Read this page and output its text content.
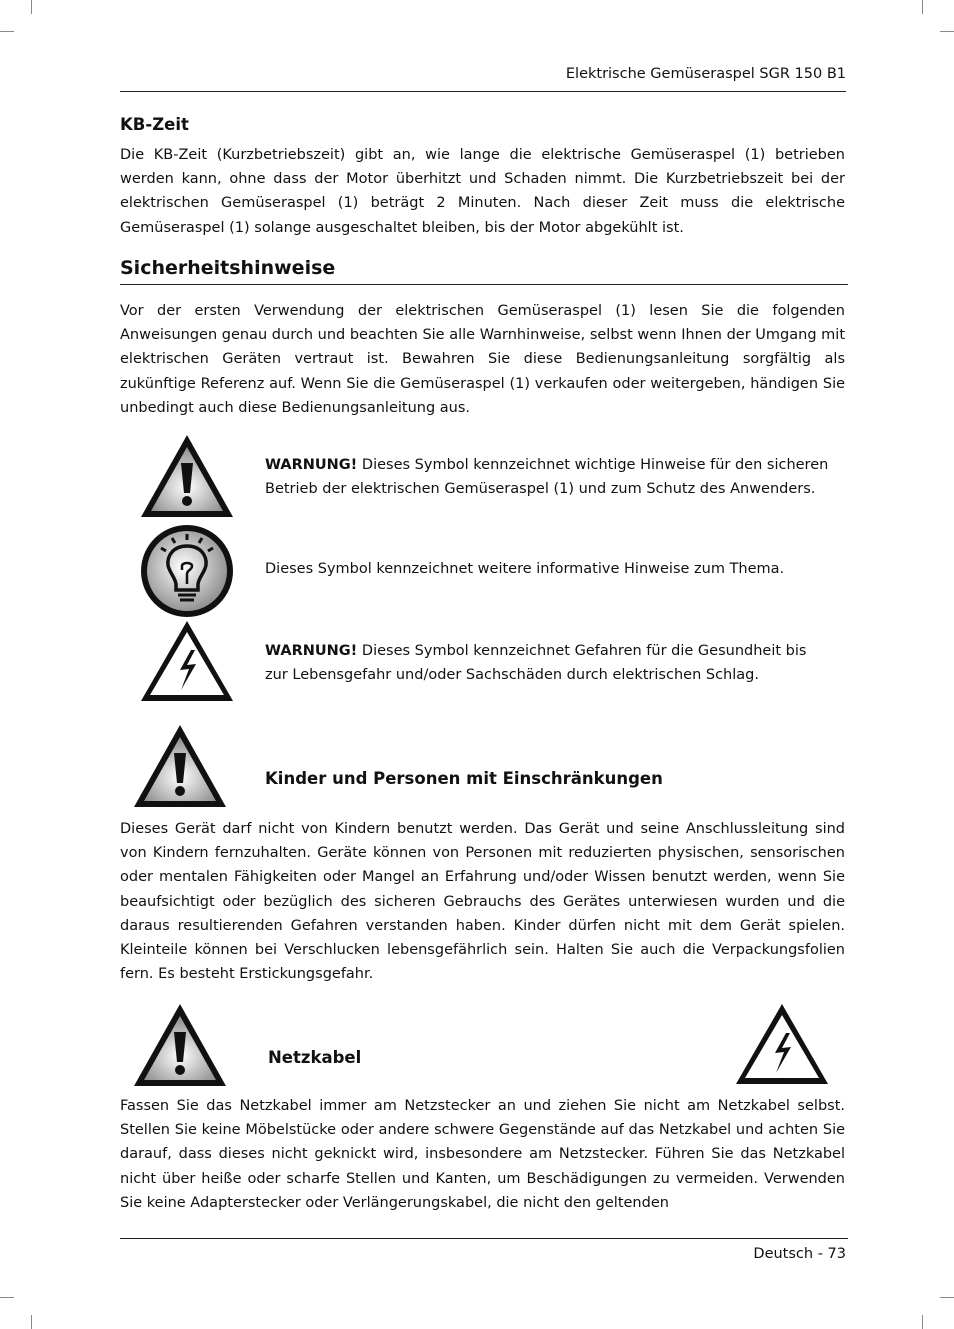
Elektrische Gemüseraspel SGR 150 B1
KB-Zeit

Die KB-Zeit (Kurzbetriebszeit) gibt an, wie lange die elektrische Gemüseraspel (1) betrieben werden kann, ohne dass der Motor überhitzt und Schaden nimmt. Die Kurzbetriebszeit bei der elektrischen Gemüseraspel (1) beträgt 2 Minuten. Nach dieser Zeit muss die elektrische Gemüseraspel (1) solange ausgeschaltet bleiben, bis der Motor abgekühlt ist.

Sicherheitshinweise

Vor der ersten Verwendung der elektrischen Gemüseraspel (1) lesen Sie die folgenden Anweisungen genau durch und beachten Sie alle Warnhinweise, selbst wenn Ihnen der Umgang mit elektrischen Geräten vertraut ist. Bewahren Sie diese Bedienungsanleitung sorgfältig als zukünftige Referenz auf. Wenn Sie die Gemüseraspel (1) verkaufen oder weitergeben, händigen Sie unbedingt auch diese Bedienungsanleitung aus.

WARNUNG! Dieses Symbol kennzeichnet wichtige Hinweise für den sicheren
Betrieb der elektrischen Gemüseraspel (1) und zum Schutz des Anwenders.

Dieses Symbol kennzeichnet weitere informative Hinweise zum Thema.

WARNUNG! Dieses Symbol kennzeichnet Gefahren für die Gesundheit bis
zur Lebensgefahr und/oder Sachschäden durch elektrischen Schlag.

Kinder und Personen mit Einschränkungen

Dieses Gerät darf nicht von Kindern benutzt werden. Das Gerät und seine Anschlussleitung sind von Kindern fernzuhalten. Geräte können von Personen mit reduzierten physischen, sensorischen oder mentalen Fähigkeiten oder Mangel an Erfahrung und/oder Wissen benutzt werden, wenn Sie beaufsichtigt oder bezüglich des sicheren Gebrauchs des Gerätes unterwiesen wurden und die daraus resultierenden Gefahren verstanden haben. Kinder dürfen nicht mit dem Gerät spielen. Kleinteile können bei Verschlucken lebensgefährlich sein. Halten Sie auch die Verpackungsfolien fern. Es besteht Erstickungsgefahr.

Netzkabel

Fassen Sie das Netzkabel immer am Netzstecker an und ziehen Sie nicht am Netzkabel selbst. Stellen Sie keine Möbelstücke oder andere schwere Gegenstände auf das Netzkabel und achten Sie darauf, dass dieses nicht geknickt wird, insbesondere am Netzstecker. Führen Sie das Netzkabel nicht über heiße oder scharfe Stellen und Kanten, um Beschädigungen zu vermeiden. Verwenden Sie keine Adapterstecker oder Verlängerungskabel, die nicht den geltenden

Deutsch - 73
